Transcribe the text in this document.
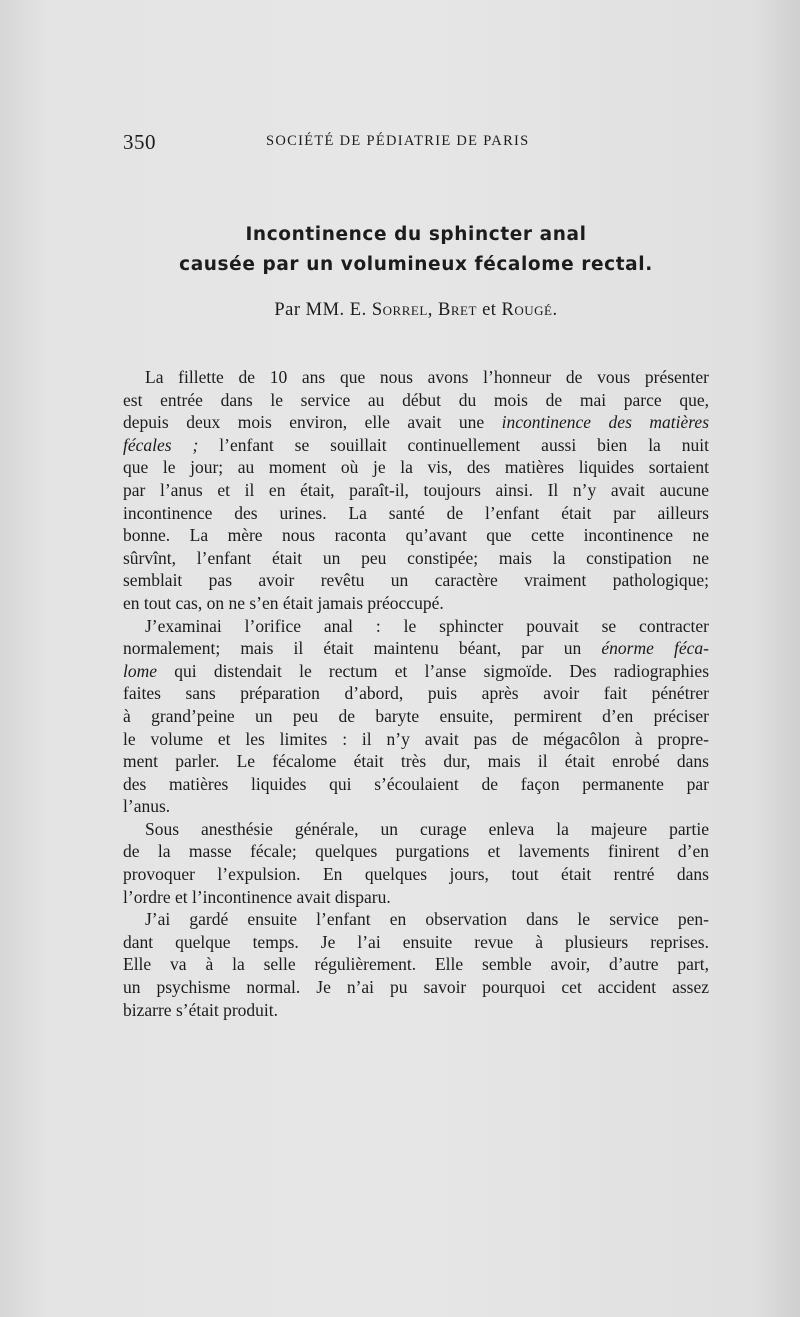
350	SOCIÉTÉ DE PÉDIATRIE DE PARIS
Incontinence du sphincter anal
causée par un volumineux fécalome rectal.
Par MM. E. Sorrel, Bret et Rougé.

La fillette de 10 ans que nous avons l’honneur de vous présenter
est entrée dans le service au début du mois de mai parce que,
depuis deux mois environ, elle avait une incontinence des matières
fécales ; l’enfant se souillait continuellement aussi bien la nuit
que le jour; au moment où je la vis, des matières liquides sortaient
par l’anus et il en était, paraît-il, toujours ainsi. Il n’y avait aucune
incontinence des urines. La santé de l’enfant était par ailleurs
bonne. La mère nous raconta qu’avant que cette incontinence ne
sûrvînt, l’enfant était un peu constipée; mais la constipation ne
semblait pas avoir revêtu un caractère vraiment pathologique;
en tout cas, on ne s’en était jamais préoccupé.

J’examinai l’orifice anal : le sphincter pouvait se contracter
normalement; mais il était maintenu béant, par un énorme féca-
lome qui distendait le rectum et l’anse sigmoïde. Des radiographies
faites sans préparation d’abord, puis après avoir fait pénétrer
à grand’peine un peu de baryte ensuite, permirent d’en préciser
le volume et les limites : il n’y avait pas de mégacôlon à propre-
ment parler. Le fécalome était très dur, mais il était enrobé dans
des matières liquides qui s’écoulaient de façon permanente par
l’anus.

Sous anesthésie générale, un curage enleva la majeure partie
de la masse fécale; quelques purgations et lavements finirent d’en
provoquer l’expulsion. En quelques jours, tout était rentré dans
l’ordre et l’incontinence avait disparu.

J’ai gardé ensuite l’enfant en observation dans le service pen-
dant quelque temps. Je l’ai ensuite revue à plusieurs reprises.
Elle va à la selle régulièrement. Elle semble avoir, d’autre part,
un psychisme normal. Je n’ai pu savoir pourquoi cet accident assez
bizarre s’était produit.
